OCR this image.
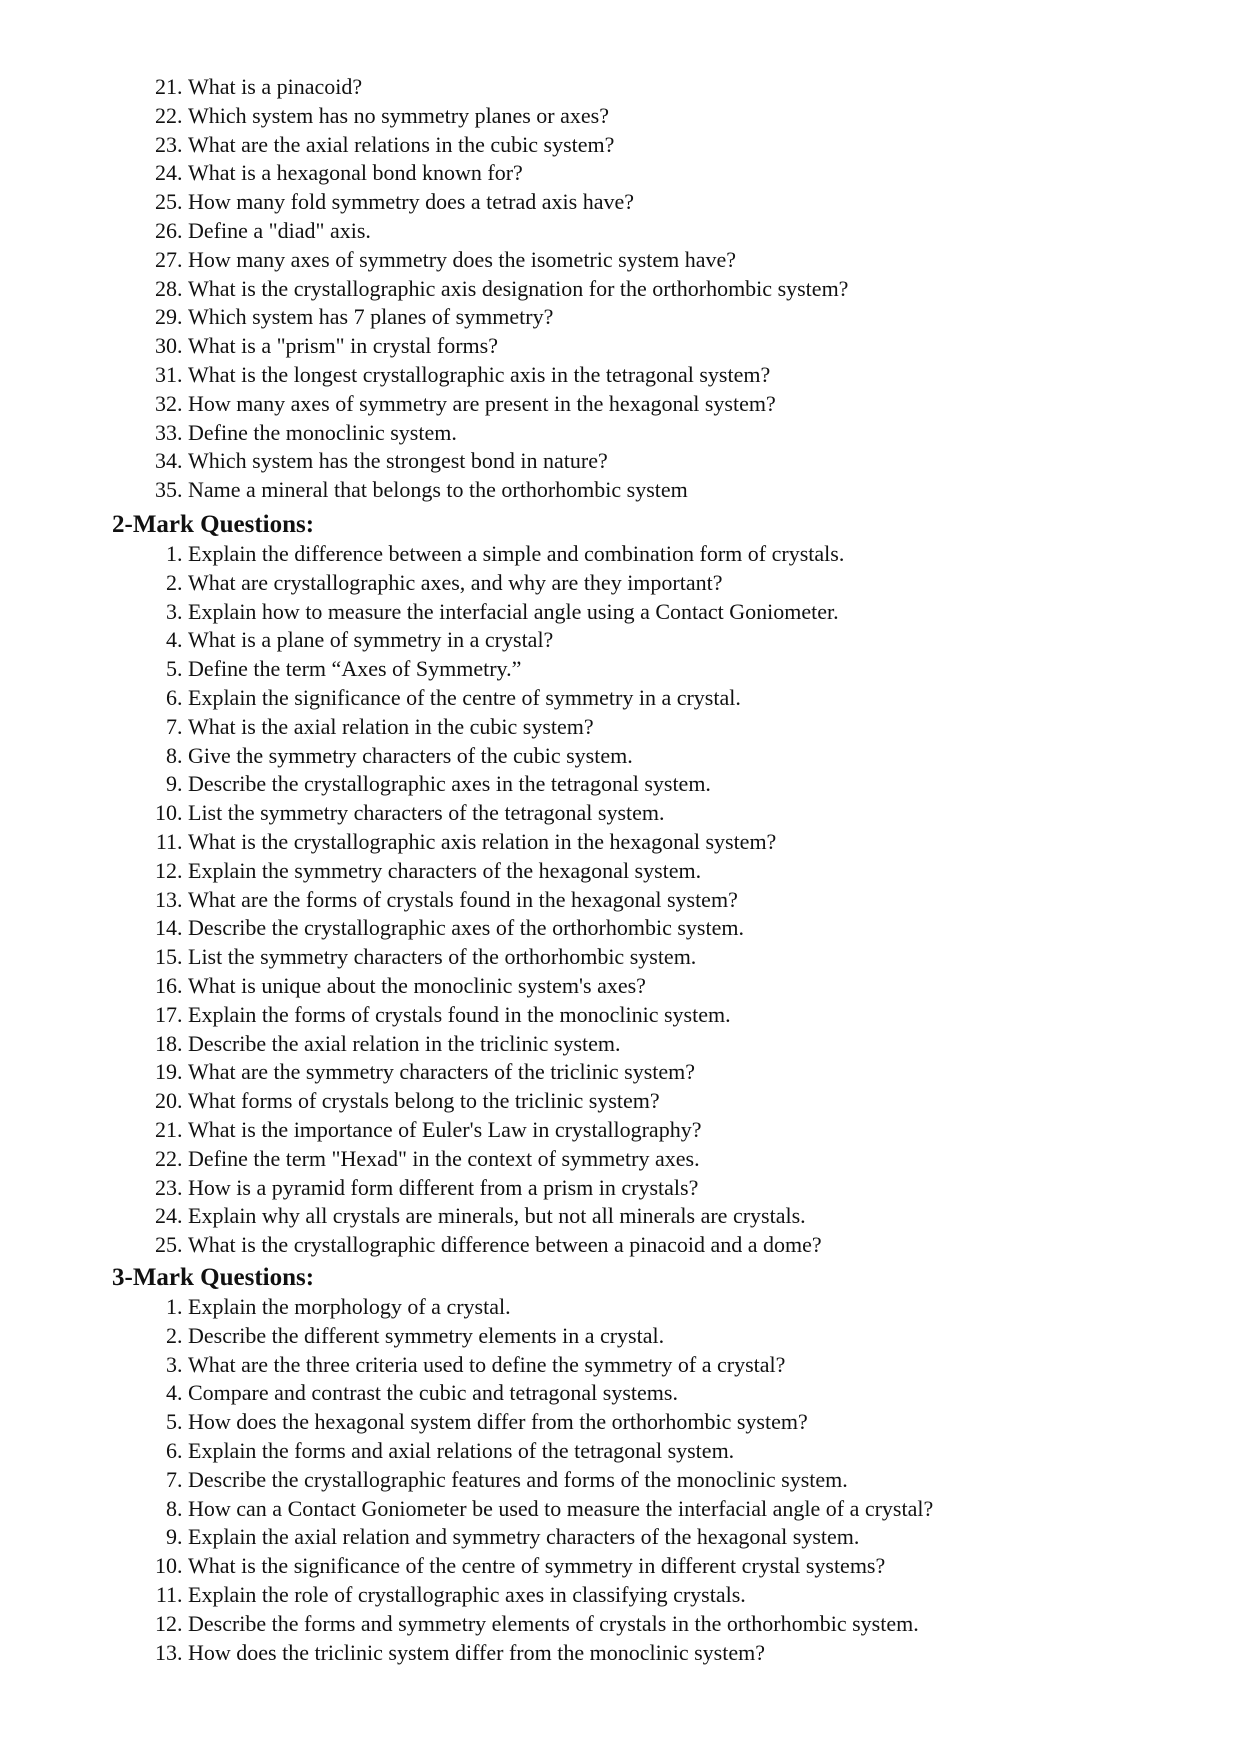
21. What is a pinacoid?
22. Which system has no symmetry planes or axes?
23. What are the axial relations in the cubic system?
24. What is a hexagonal bond known for?
25. How many fold symmetry does a tetrad axis have?
26. Define a "diad" axis.
27. How many axes of symmetry does the isometric system have?
28. What is the crystallographic axis designation for the orthorhombic system?
29. Which system has 7 planes of symmetry?
30. What is a "prism" in crystal forms?
31. What is the longest crystallographic axis in the tetragonal system?
32. How many axes of symmetry are present in the hexagonal system?
33. Define the monoclinic system.
34. Which system has the strongest bond in nature?
35. Name a mineral that belongs to the orthorhombic system
2-Mark Questions:
1. Explain the difference between a simple and combination form of crystals.
2. What are crystallographic axes, and why are they important?
3. Explain how to measure the interfacial angle using a Contact Goniometer.
4. What is a plane of symmetry in a crystal?
5. Define the term “Axes of Symmetry.”
6. Explain the significance of the centre of symmetry in a crystal.
7. What is the axial relation in the cubic system?
8. Give the symmetry characters of the cubic system.
9. Describe the crystallographic axes in the tetragonal system.
10. List the symmetry characters of the tetragonal system.
11. What is the crystallographic axis relation in the hexagonal system?
12. Explain the symmetry characters of the hexagonal system.
13. What are the forms of crystals found in the hexagonal system?
14. Describe the crystallographic axes of the orthorhombic system.
15. List the symmetry characters of the orthorhombic system.
16. What is unique about the monoclinic system's axes?
17. Explain the forms of crystals found in the monoclinic system.
18. Describe the axial relation in the triclinic system.
19. What are the symmetry characters of the triclinic system?
20. What forms of crystals belong to the triclinic system?
21. What is the importance of Euler's Law in crystallography?
22. Define the term "Hexad" in the context of symmetry axes.
23. How is a pyramid form different from a prism in crystals?
24. Explain why all crystals are minerals, but not all minerals are crystals.
25. What is the crystallographic difference between a pinacoid and a dome?
3-Mark Questions:
1. Explain the morphology of a crystal.
2. Describe the different symmetry elements in a crystal.
3. What are the three criteria used to define the symmetry of a crystal?
4. Compare and contrast the cubic and tetragonal systems.
5. How does the hexagonal system differ from the orthorhombic system?
6. Explain the forms and axial relations of the tetragonal system.
7. Describe the crystallographic features and forms of the monoclinic system.
8. How can a Contact Goniometer be used to measure the interfacial angle of a crystal?
9. Explain the axial relation and symmetry characters of the hexagonal system.
10. What is the significance of the centre of symmetry in different crystal systems?
11. Explain the role of crystallographic axes in classifying crystals.
12. Describe the forms and symmetry elements of crystals in the orthorhombic system.
13. How does the triclinic system differ from the monoclinic system?
